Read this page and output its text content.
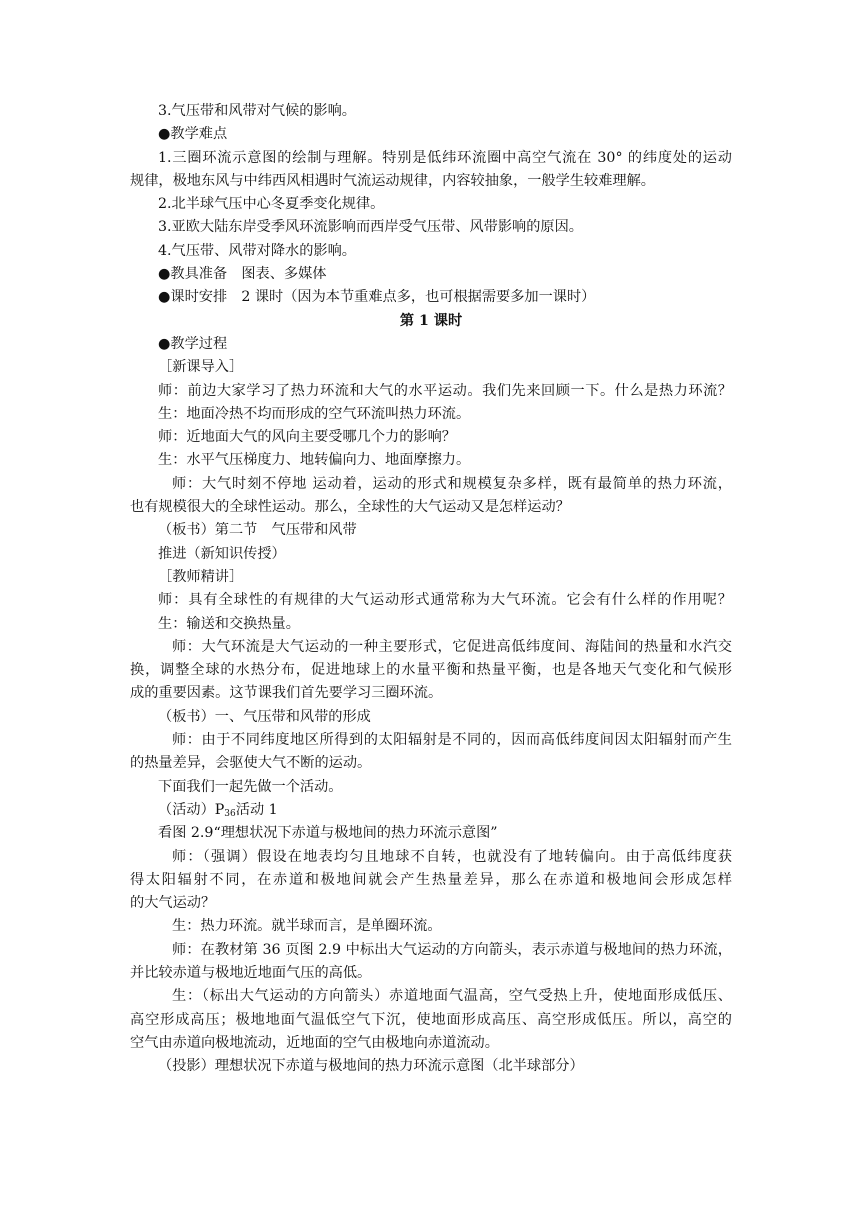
3.气压带和风带对气候的影响。
●教学难点
1.三圈环流示意图的绘制与理解。特别是低纬环流圈中高空气流在 30° 的纬度处的运动
规律，极地东风与中纬西风相遇时气流运动规律，内容较抽象，一般学生较难理解。
2.北半球气压中心冬夏季变化规律。
3.亚欧大陆东岸受季风环流影响而西岸受气压带、风带影响的原因。
4.气压带、风带对降水的影响。
●教具准备　图表、多媒体
●课时安排　2 课时（因为本节重难点多，也可根据需要多加一课时）
第 1 课时
●教学过程
［新课导入］
师：前边大家学习了热力环流和大气的水平运动。我们先来回顾一下。什么是热力环流？
生：地面冷热不均而形成的空气环流叫热力环流。
师：近地面大气的风向主要受哪几个力的影响？
生：水平气压梯度力、地转偏向力、地面摩擦力。
师：大气时刻不停地 运动着，运动的形式和规模复杂多样，既有最简单的热力环流，
也有规模很大的全球性运动。那么，全球性的大气运动又是怎样运动？
（板书）第二节　气压带和风带
推进（新知识传授）
［教师精讲］
师：具有全球性的有规律的大气运动形式通常称为大气环流。它会有什么样的作用呢？
生：输送和交换热量。
师：大气环流是大气运动的一种主要形式，它促进高低纬度间、海陆间的热量和水汽交
换，调整全球的水热分布，促进地球上的水量平衡和热量平衡，也是各地天气变化和气候形
成的重要因素。这节课我们首先要学习三圈环流。
（板书）一、气压带和风带的形成
师：由于不同纬度地区所得到的太阳辐射是不同的，因而高低纬度间因太阳辐射而产生
的热量差异，会驱使大气不断的运动。
下面我们一起先做一个活动。
（活动）$P_{36}$活动 1
看图 2.9“理想状况下赤道与极地间的热力环流示意图”
师：（强调）假设在地表均匀且地球不自转，也就没有了地转偏向。由于高低纬度获
得太阳辐射不同，在赤道和极地间就会产生热量差异，那么在赤道和极地间会形成怎样
的大气运动？
生：热力环流。就半球而言，是单圈环流。
师：在教材第 36 页图 2.9 中标出大气运动的方向箭头，表示赤道与极地间的热力环流，
并比较赤道与极地近地面气压的高低。
生：（标出大气运动的方向箭头）赤道地面气温高，空气受热上升，使地面形成低压、
高空形成高压；极地地面气温低空气下沉，使地面形成高压、高空形成低压。所以，高空的
空气由赤道向极地流动，近地面的空气由极地向赤道流动。
（投影）理想状况下赤道与极地间的热力环流示意图（北半球部分）
